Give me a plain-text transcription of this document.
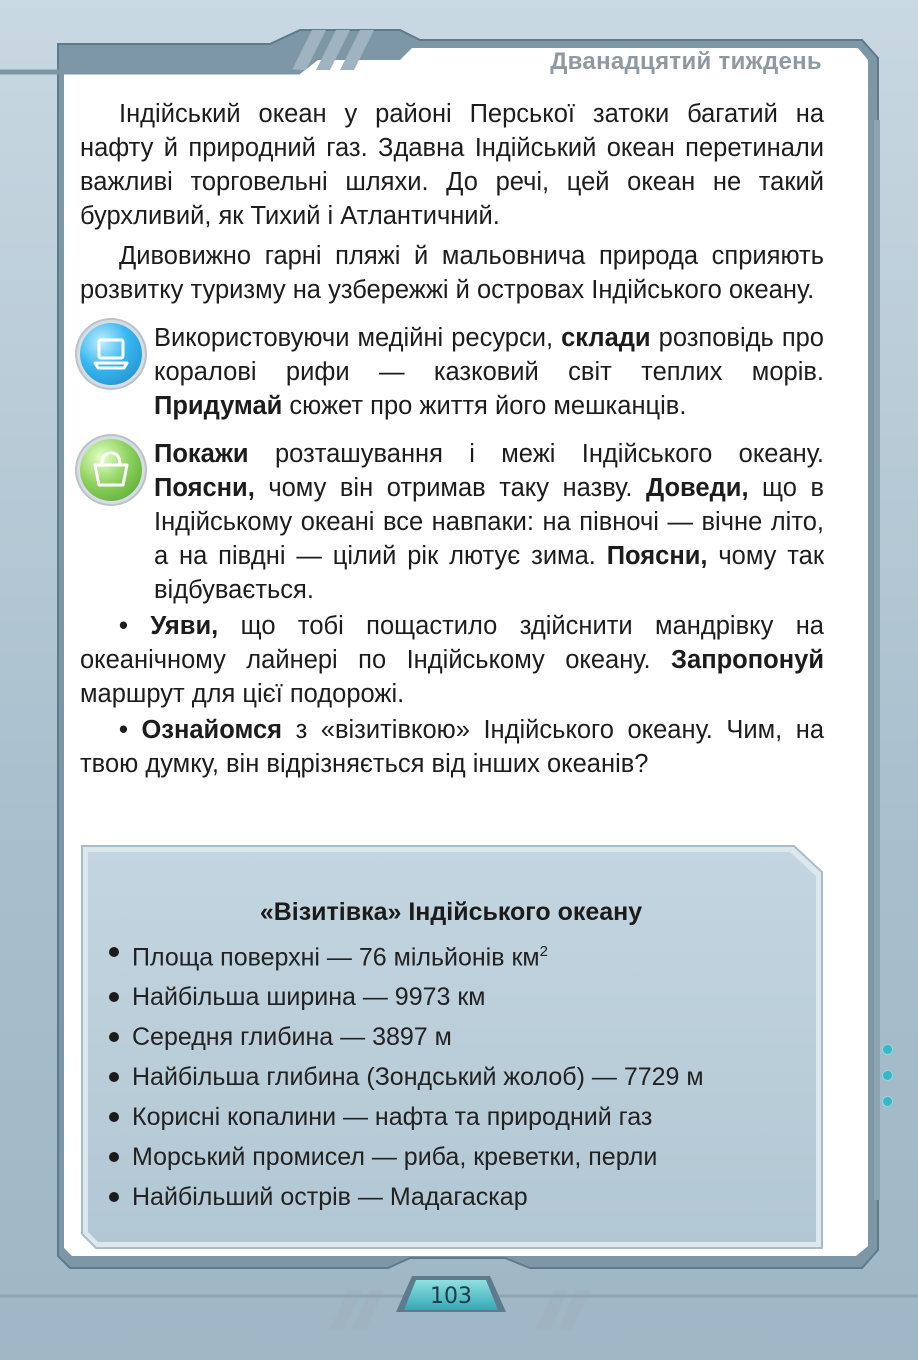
Дванадцятий тиждень

Індійський океан у районі Перської затоки багатий на нафту й природний газ. Здавна Індійський океан перетинали важливі торговельні шляхи. До речі, цей океан не такий бурхливий, як Тихий і Атлантичний.

Дивовижно гарні пляжі й мальовнича природа сприяють розвитку туризму на узбережжі й островах Індійського океану.

Використовуючи медійні ресурси, склади розповідь про коралові рифи — казковий світ теплих морів. Придумай сюжет про життя його мешканців.

Покажи розташування і межі Індійського океану. Поясни, чому він отримав таку назву. Доведи, що в Індійському океані все навпаки: на півночі — вічне літо, а на півдні — цілий рік лютує зима. Поясни, чому так відбувається.

• Уяви, що тобі пощастило здійснити мандрівку на океанічному лайнері по Індійському океану. Запропонуй маршрут для цієї подорожі.

• Ознайомся з «візитівкою» Індійського океану. Чим, на твою думку, він відрізняється від інших океанів?

«Візитівка» Індійського океану
Площа поверхні — 76 мільйонів $км^2$
Найбільша ширина — 9973 км
Середня глибина — 3897 м
Найбільша глибина (Зондський жолоб) — 7729 м
Корисні копалини — нафта та природний газ
Морський промисел — риба, креветки, перли
Найбільший острів — Мадагаскар
103
